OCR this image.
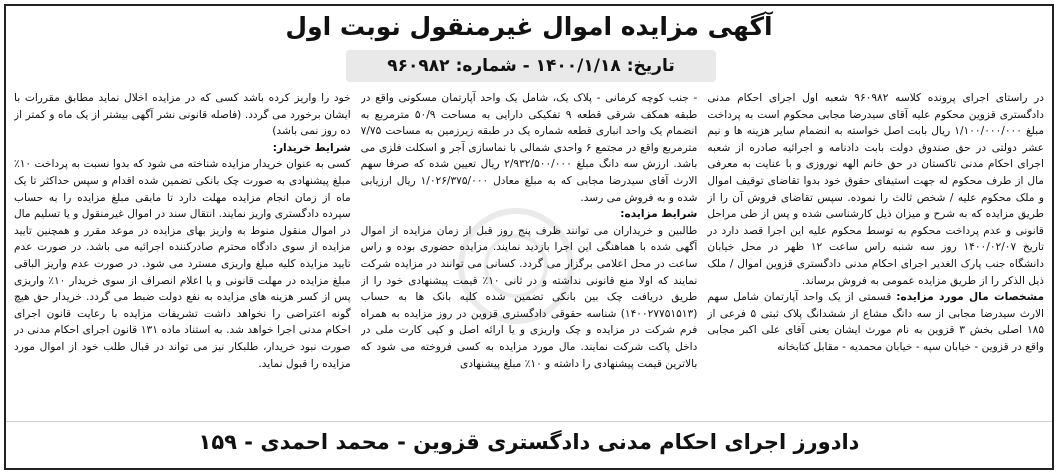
آگهی مزایده اموال غیرمنقول نوبت اول
تاریخ:
۱۴۰۰/۱/۱۸
- شماره:
۹۶۰۹۸۲

در راستای اجرای پرونده کلاسه ۹۶۰۹۸۲ شعبه اول اجرای احکام مدنی دادگستری قزوین محکوم علیه آقای سیدرضا مجابی محکوم است به پرداخت مبلغ ۱/۱۰۰/۰۰۰/۰۰۰ ریال بابت اصل خواسته به انضمام سایر هزینه ها و نیم عشر دولتی در حق صندوق دولت بابت دادنامه و اجرائیه صادره از شعبه اجرای احکام مدنی تاکستان در حق خانم الهه نوروزی و با عنایت به معرفی مال از طرف محکوم له جهت استیفای حقوق خود بدوا تقاضای توقیف اموال و ملک محکوم علیه / شخص ثالث را نموده. سپس تقاضای فروش آن را از طریق مزایده که به شرح و میزان ذیل کارشناسی شده و پس از طی مراحل قانونی و عدم پرداخت محکوم به توسط محکوم علیه این اجرا قصد دارد در تاریخ ۱۴۰۰/۰۲/۰۷ روز سه شنبه راس ساعت ۱۲ ظهر در محل خیابان دانشگاه جنب پارک الغدیر اجرای احکام مدنی دادگستری قزوین اموال / ملک ذیل الذکر را از طریق مزایده عمومی به فروش برساند.

مشخصات مال مورد مزایده: قسمتی از یک واحد آپارتمان شامل سهم الارث سیدرضا مجابی از سه دانگ مشاع از ششدانگ پلاک ثبتی ۵ فرعی از ۱۸۵ اصلی بخش ۳ قزوین به نام مورث ایشان یعنی آقای علی اکبر مجابی واقع در قزوین - خیابان سپه - خیابان محمدیه - مقابل کتابخانه

- جنب کوچه کرمانی - پلاک یک، شامل یک واحد آپارتمان مسکونی واقع در طبقه همکف شرقی قطعه ۹ تفکیکی دارایی به مساحت ۵۰/۹ مترمربع به انضمام یک واحد انباری قطعه شماره یک در طبقه زیرزمین به مساحت ۷/۷۵ مترمربع واقع در مجتمع ۶ واحدی شمالی با نماسازی آجر و اسکلت فلزی می باشد. ارزش سه دانگ مبلغ ۲/۹۳۲/۵۰۰/۰۰۰ ریال تعیین شده که صرفا سهم الارث آقای سیدرضا مجابی که به مبلغ معادل ۱/۰۲۶/۳۷۵/۰۰۰ ریال ارزیابی شده و به فروش می رسد.

شرایط مزایده:

طالبین و خریداران می توانند ظرف پنج روز قبل از زمان مزایده از اموال آگهی شده با هماهنگی این اجرا بازدید نمایند. مزایده حضوری بوده و راس ساعت در محل اعلامی برگزار می گردد. کسانی می توانند در مزایده شرکت نمایند که اولا منع قانونی نداشته و در ثانی ۱۰٪ قیمت پیشنهادی خود را از طریق دریافت چک بین بانکی تضمین شده کلیه بانک ها به حساب (۱۴۰۰۲۷۷۵۱۵۱۳) شناسه حقوقی دادگستری قزوین در روز مزایده به همراه فرم شرکت در مزایده و چک واریزی و یا ارائه اصل و کپی کارت ملی در داخل پاکت شرکت نمایند. مال مورد مزایده به کسی فروخته می شود که بالاترین قیمت پیشنهادی را داشته و ۱۰٪ مبلغ پیشنهادی

خود را واریز کرده باشد کسی که در مزایده اخلال نماید مطابق مقررات با ایشان برخورد می گردد. (فاصله قانونی نشر آگهی بیشتر از یک ماه و کمتر از ده روز نمی باشد)

شرایط خریدار:

کسی به عنوان خریدار مزایده شناخته می شود که بدوا نسبت به پرداخت ۱۰٪ مبلغ پیشنهادی به صورت چک بانکی تضمین شده اقدام و سپس حداکثر تا یک ماه از زمان انجام مزایده مهلت دارد تا مابقی مبلغ مزایده را به حساب سپرده دادگستری واریز نمایند. انتقال سند در اموال غیرمنقول و یا تسلیم مال در اموال منقول منوط به واریز بهای مزایده در موعد مقرر و همچنین تایید مزایده از سوی دادگاه محترم صادرکننده اجرائیه می باشد. در صورت عدم تایید مزایده کلیه مبلغ واریزی مسترد می شود. در صورت عدم واریز الباقی مبلغ مزایده در مهلت قانونی و یا اعلام انصراف از سوی خریدار ۱۰٪ واریزی پس از کسر هزینه های مزایده به نفع دولت ضبط می گردد. خریدار حق هیچ گونه اعتراضی را نخواهد داشت تشریفات مزایده با رعایت قانون اجرای احکام مدنی اجرا خواهد شد. به استناد ماده ۱۳۱ قانون اجرای احکام مدنی در صورت نبود خریدار، طلبکار نیز می تواند در قبال طلب خود از اموال مورد مزایده را قبول نماید.

دادورز اجرای احکام مدنی دادگستری قزوین - محمد احمدی - ۱۵۹
